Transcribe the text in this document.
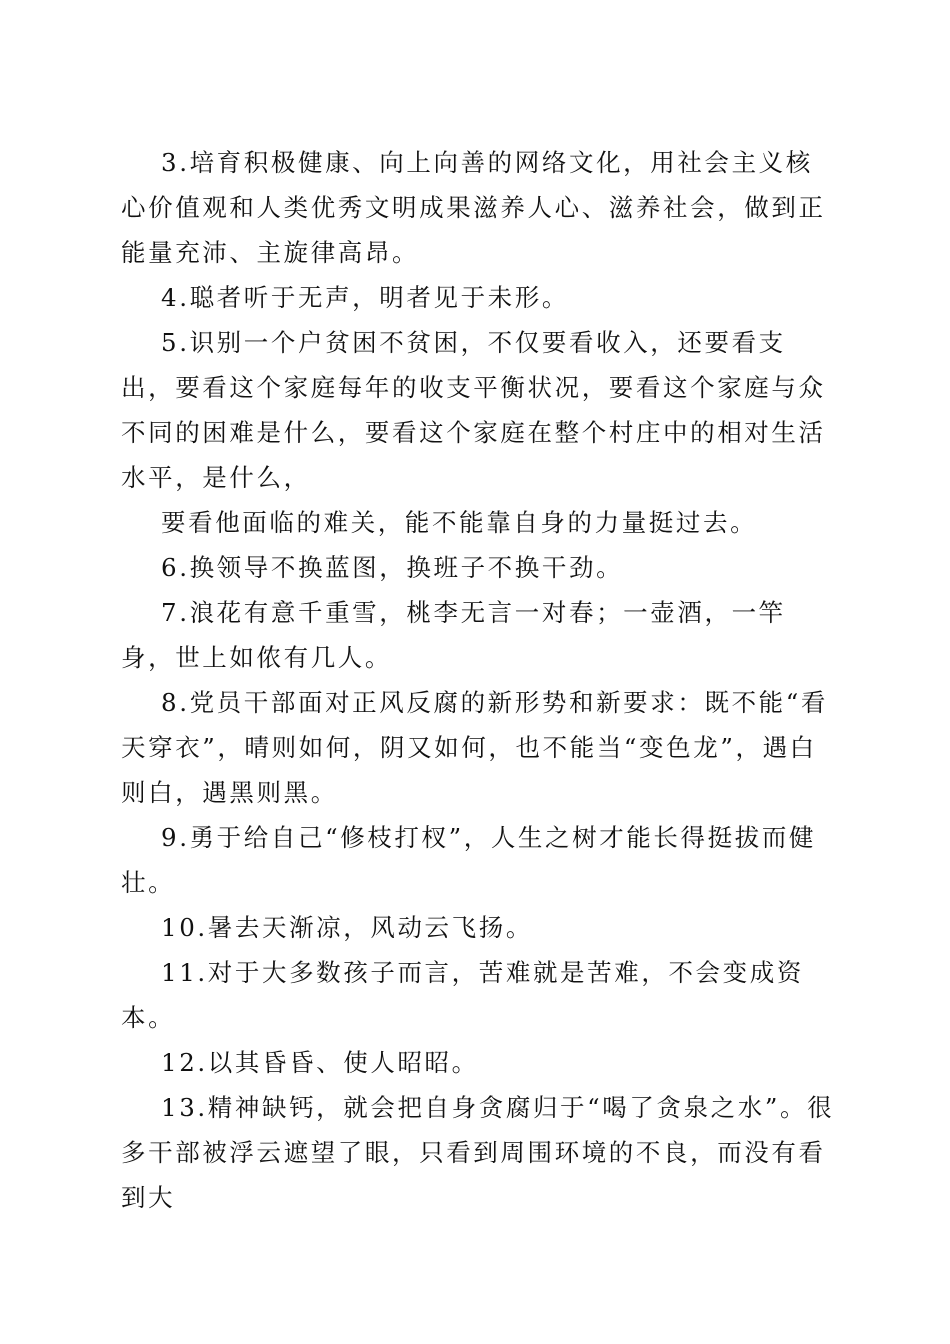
3.培育积极健康、向上向善的网络文化，用社会主义核心价值观和人类优秀文明成果滋养人心、滋养社会，做到正能量充沛、主旋律高昂。

4.聪者听于无声，明者见于未形。

5.识别一个户贫困不贫困，不仅要看收入，还要看支出，要看这个家庭每年的收支平衡状况，要看这个家庭与众不同的困难是什么，要看这个家庭在整个村庄中的相对生活水平，是什么，

要看他面临的难关，能不能靠自身的力量挺过去。

6.换领导不换蓝图，换班子不换干劲。

7.浪花有意千重雪，桃李无言一对春；一壶酒，一竿身，世上如侬有几人。

8.党员干部面对正风反腐的新形势和新要求：既不能“看天穿衣”，晴则如何，阴又如何，也不能当“变色龙”，遇白则白，遇黑则黑。

9.勇于给自己“修枝打杈”，人生之树才能长得挺拔而健壮。

10.暑去天渐凉，风动云飞扬。

11.对于大多数孩子而言，苦难就是苦难，不会变成资本。

12.以其昏昏、使人昭昭。

13.精神缺钙，就会把自身贪腐归于“喝了贪泉之水”。很多干部被浮云遮望了眼，只看到周围环境的不良，而没有看到大
